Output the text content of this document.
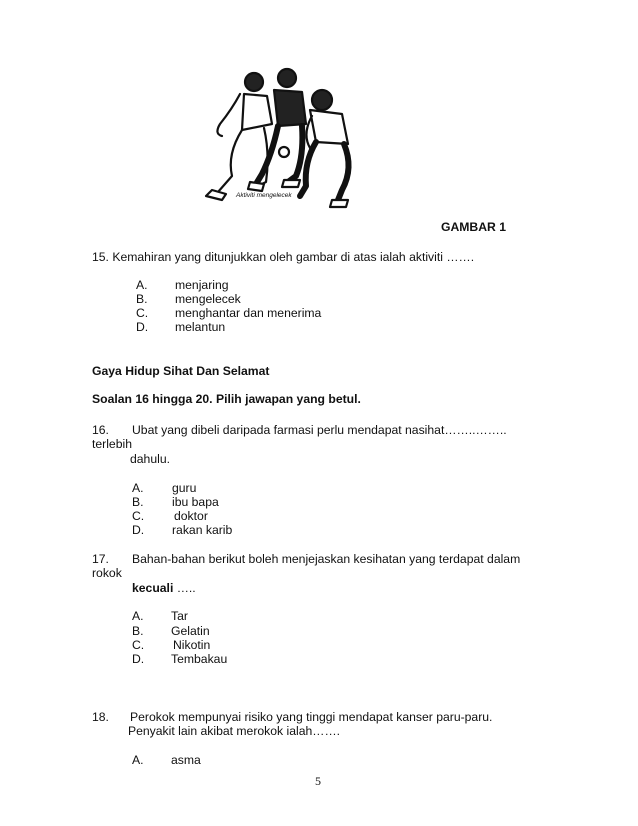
Aktiviti mengelecek
GAMBAR 1
15. Kemahiran yang ditunjukkan oleh gambar di atas ialah aktiviti …….
A. menjaring
B. mengelecek
C. menghantar dan menerima
D. melantun
Gaya Hidup Sihat Dan Selamat
Soalan 16 hingga 20. Pilih jawapan yang betul.
16. Ubat yang dibeli daripada farmasi perlu mendapat nasihat……..……..
terlebih
dahulu.
A. guru
B. ibu bapa
C. doktor
D. rakan karib
17. Bahan-bahan berikut boleh menjejaskan kesihatan yang terdapat dalam
rokok
kecuali …..
A. Tar
B. Gelatin
C. Nikotin
D. Tembakau
18. Perokok mempunyai risiko yang tinggi mendapat kanser paru-paru.
Penyakit lain akibat merokok ialah…….
A. asma
5
